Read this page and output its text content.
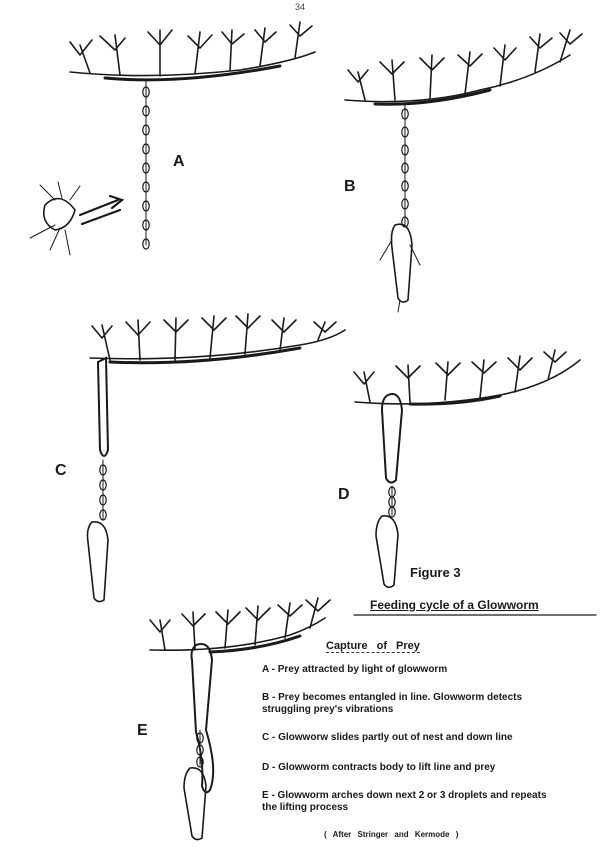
34
A
B
C
D
E
Figure 3
Feeding cycle of a Glowworm
Capture of Prey
A - Prey attracted by light of glowworm
B - Prey becomes entangled in line. Glowworm detects struggling prey's vibrations
C - Glowworw slides partly out of nest and down line
D - Glowworm contracts body to lift line and prey
E - Glowworm arches down next 2 or 3 droplets and repeats the lifting process
( After Stringer and Kermode )
